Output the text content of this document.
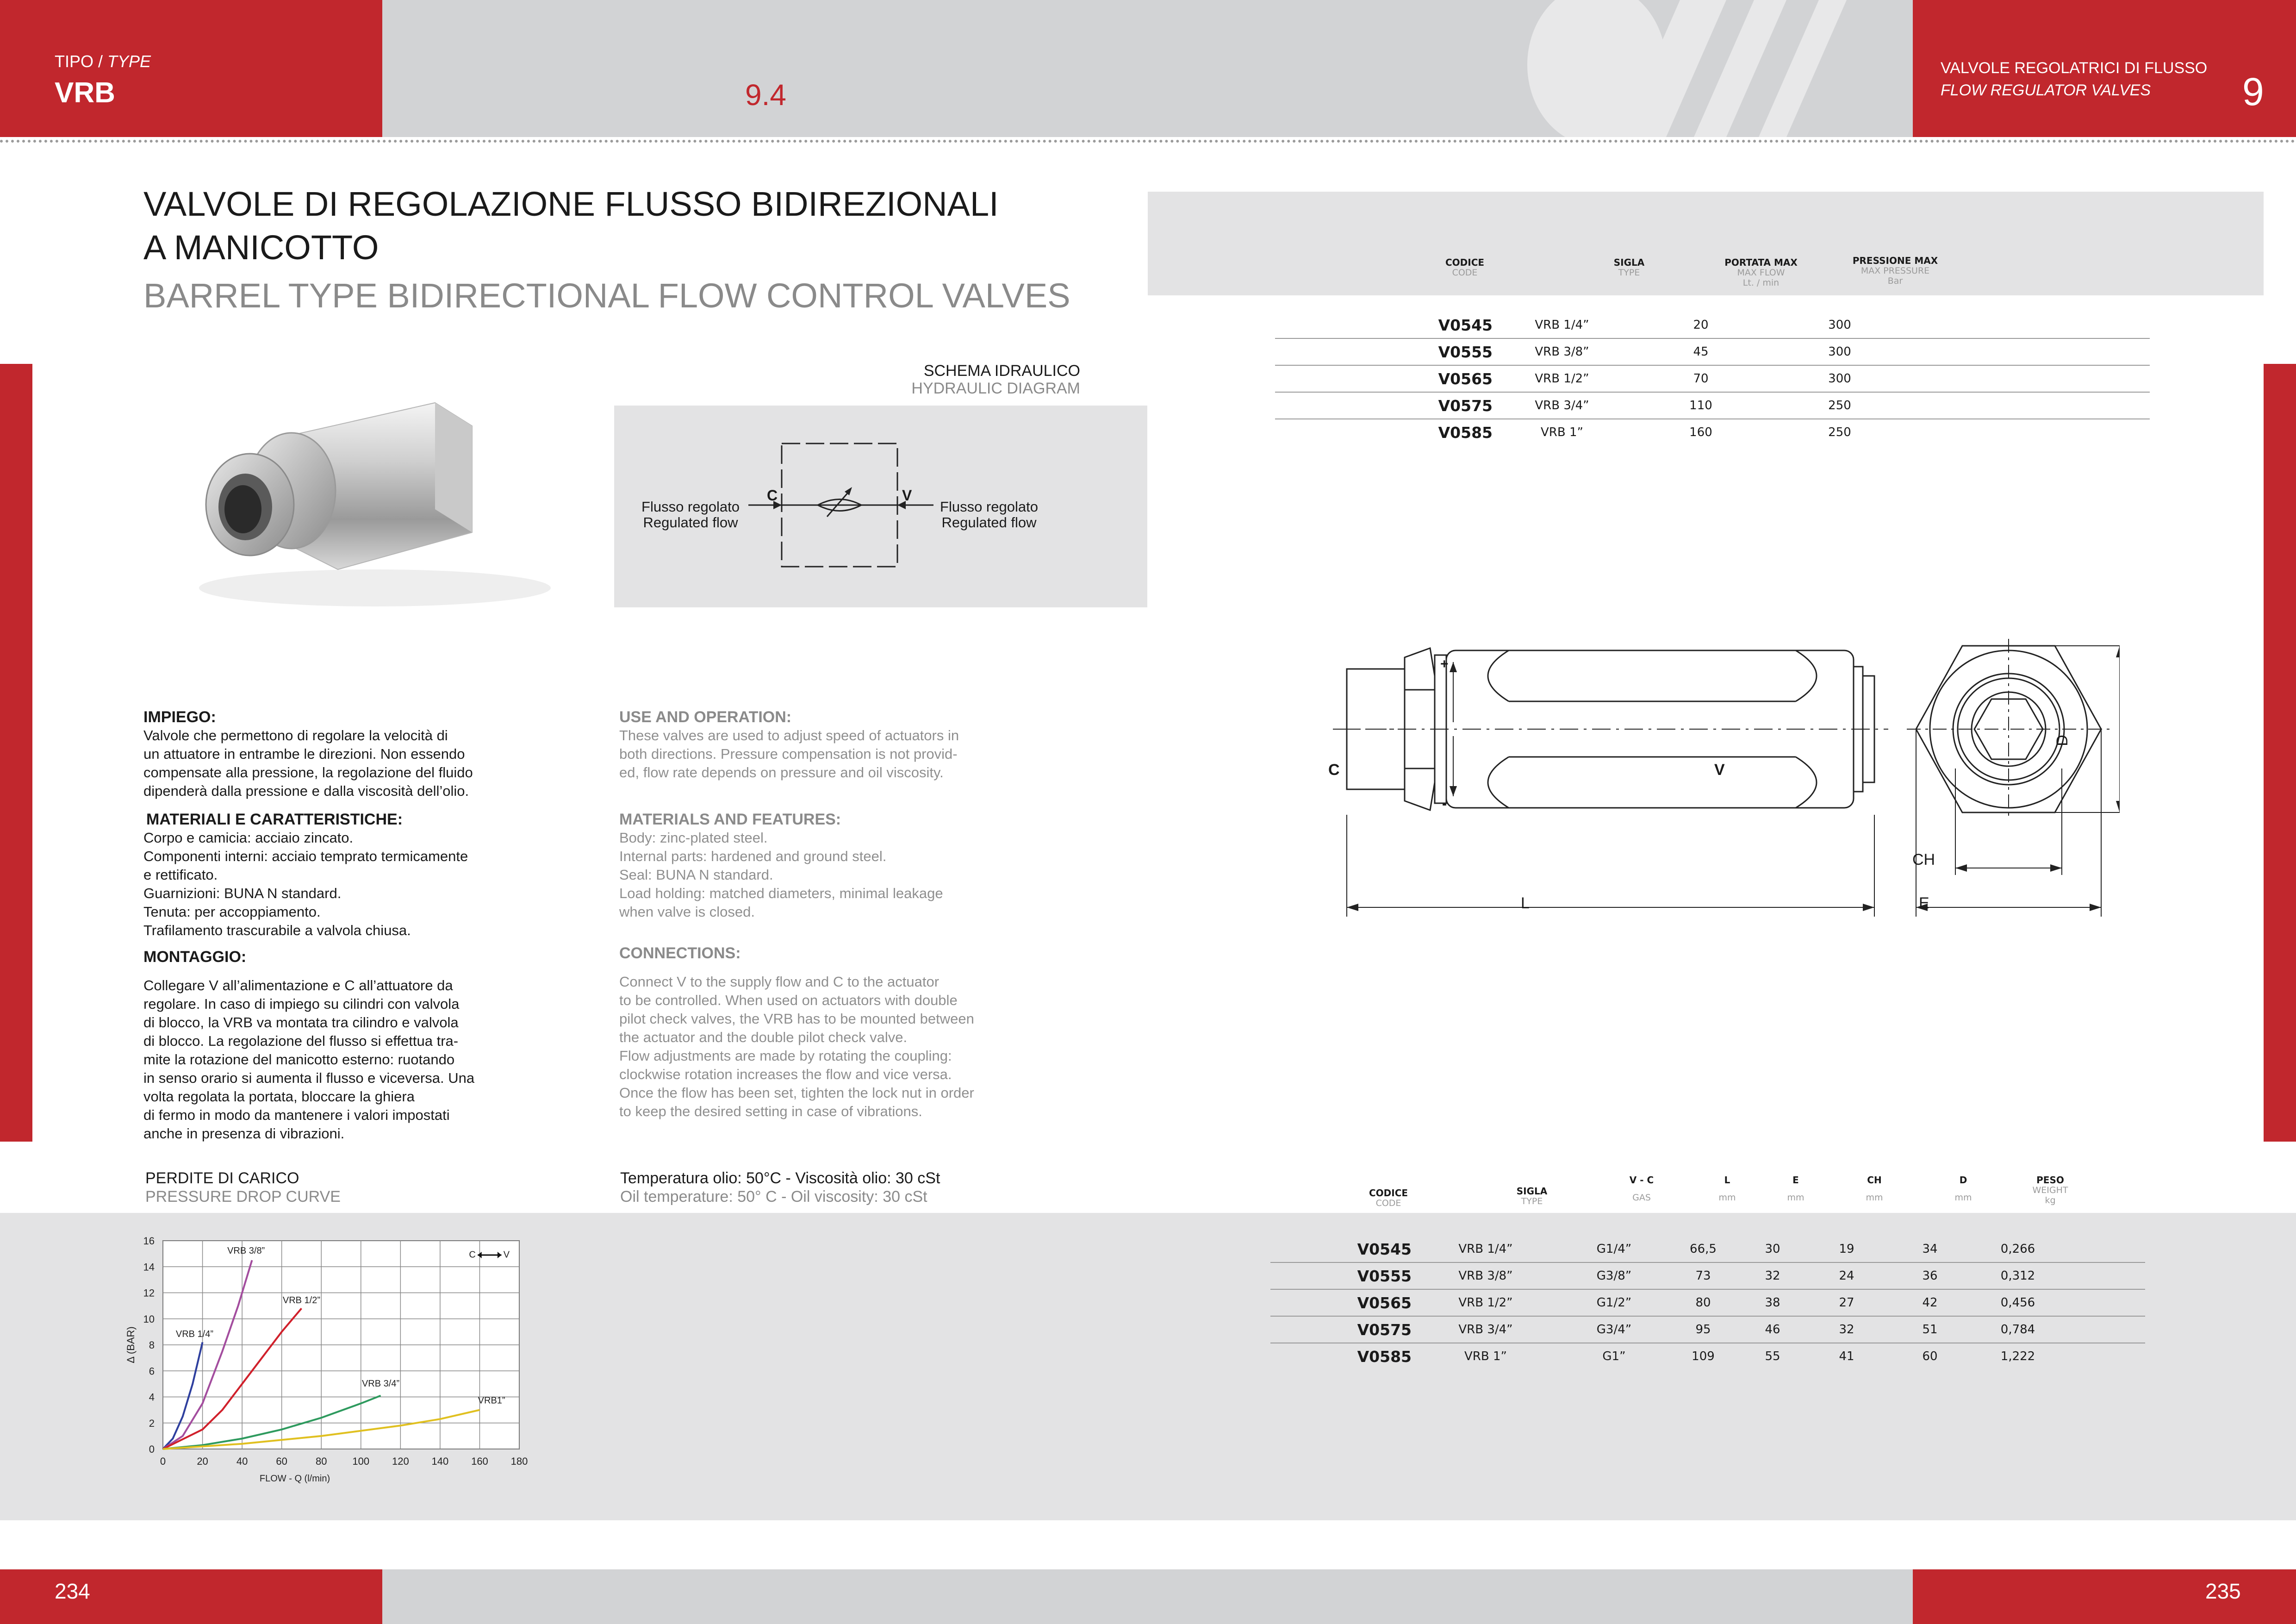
TIPO / TYPE
VRB	9.4
VALVOLE REGOLATRICI DI FLUSSO
FLOW REGULATOR VALVES 9
VALVOLE DI REGOLAZIONE FLUSSO BIDIREZIONALI
A MANICOTTO
BARREL TYPE BIDIRECTIONAL FLOW CONTROL VALVES
SCHEMA IDRAULICO
HYDRAULIC DIAGRAM
C	V
Flusso regolato
Regulated flow
Flusso regolato
Regulated flow
IMPIEGO:
Valvole che permettono di regolare la velocità di
un attuatore in entrambe le direzioni. Non essendo
compensate alla pressione, la regolazione del fluido
dipenderà dalla pressione e dalla viscosità dell’olio.
MATERIALI E CARATTERISTICHE:
Corpo e camicia: acciaio zincato.
Componenti interni: acciaio temprato termicamente
e rettificato.
Guarnizioni: BUNA N standard.
Tenuta: per accoppiamento.
Trafilamento trascurabile a valvola chiusa.
MONTAGGIO:
Collegare V all’alimentazione e C all’attuatore da
regolare. In caso di impiego su cilindri con valvola
di blocco, la VRB va montata tra cilindro e valvola
di blocco. La regolazione del flusso si effettua tra-
mite la rotazione del manicotto esterno: ruotando
in senso orario si aumenta il flusso e viceversa. Una
volta regolata la portata, bloccare la ghiera
di fermo in modo da mantenere i valori impostati
anche in presenza di vibrazioni.
USE AND OPERATION:
These valves are used to adjust speed of actuators in
both directions. Pressure compensation is not provid-
ed, flow rate depends on pressure and oil viscosity.
MATERIALS AND FEATURES:
Body: zinc-plated steel.
Internal parts: hardened and ground steel.
Seal: BUNA N standard.
Load holding: matched diameters, minimal leakage
when valve is closed.
CONNECTIONS:
Connect V to the supply flow and C to the actuator
to be controlled. When used on actuators with double
pilot check valves, the VRB has to be mounted between
the actuator and the double pilot check valve.
Flow adjustments are made by rotating the coupling:
clockwise rotation increases the flow and vice versa.
Once the flow has been set, tighten the lock nut in order
to keep the desired setting in case of vibrations.
PERDITE DI CARICO
PRESSURE DROP CURVE
Temperatura olio: 50°C - Viscosità olio: 30 cSt
Oil temperature: 50° C - Oil viscosity: 30 cSt
0	20	40	60	80 100 120 140 160 180
0
2
4
6
8
10
12
14
16
FLOW - Q (l/min)
Δ (BAR)
C	V
VRB 1/4”
VRB 3/8”
VRB 1/2”
VRB 3/4”
VRB1”
CODICE
CODE
SIGLA
TYPE
PORTATA MAX
MAX FLOW
Lt. / min
PRESSIONE MAX
MAX PRESSURE
Bar
V0545	VRB 1/4”	20	300	
V0555	VRB 3/8”	45	300	
V0565	VRB 1/2”	70	300	
V0575	VRB 3/4”	110	250	
V0585	VRB 1”	160	250	
C	V
+
-
L
CH
E
D
CODICE
CODE
SIGLA
TYPE
V - C
GAS
L
mm
E
mm
CH
mm
D
mm
PESO
WEIGHT
kg
V0545	VRB 1/4”	G1/4”	66,5	30	19	34	0,266	
V0555	VRB 3/8”	G3/8”	73	32	24	36	0,312	
V0565	VRB 1/2”	G1/2”	80	38	27	42	0,456	
V0575	VRB 3/4”	G3/4”	95	46	32	51	0,784	
V0585	VRB 1”	G1”	109	55	41	60	1,222	
234	235
